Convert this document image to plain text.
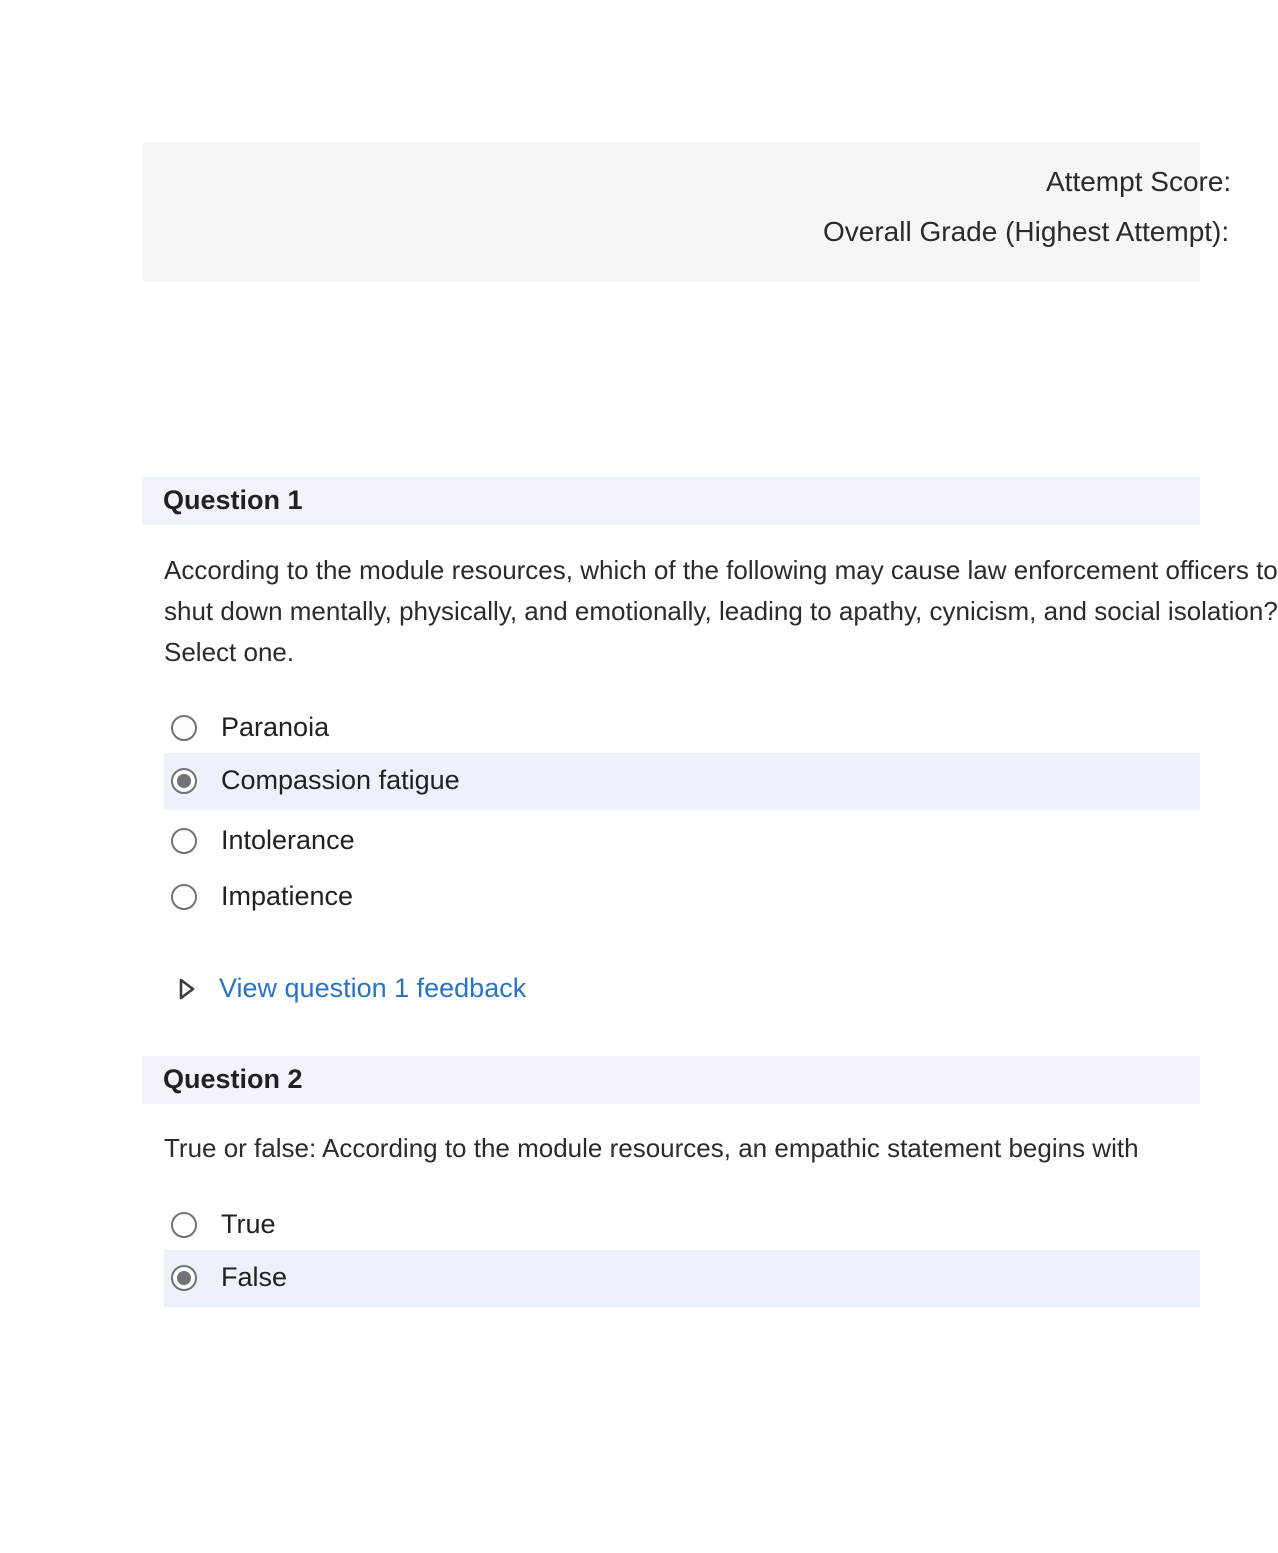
Attempt Score:
Overall Grade (Highest Attempt):
Question 1
According to the module resources, which of the following may cause law enforcement officers to
shut down mentally, physically, and emotionally, leading to apathy, cynicism, and social isolation?
Select one.
Paranoia
Compassion fatigue
Intolerance
Impatience
View question 1 feedback
Question 2
True or false: According to the module resources, an empathic statement begins with
True
False
